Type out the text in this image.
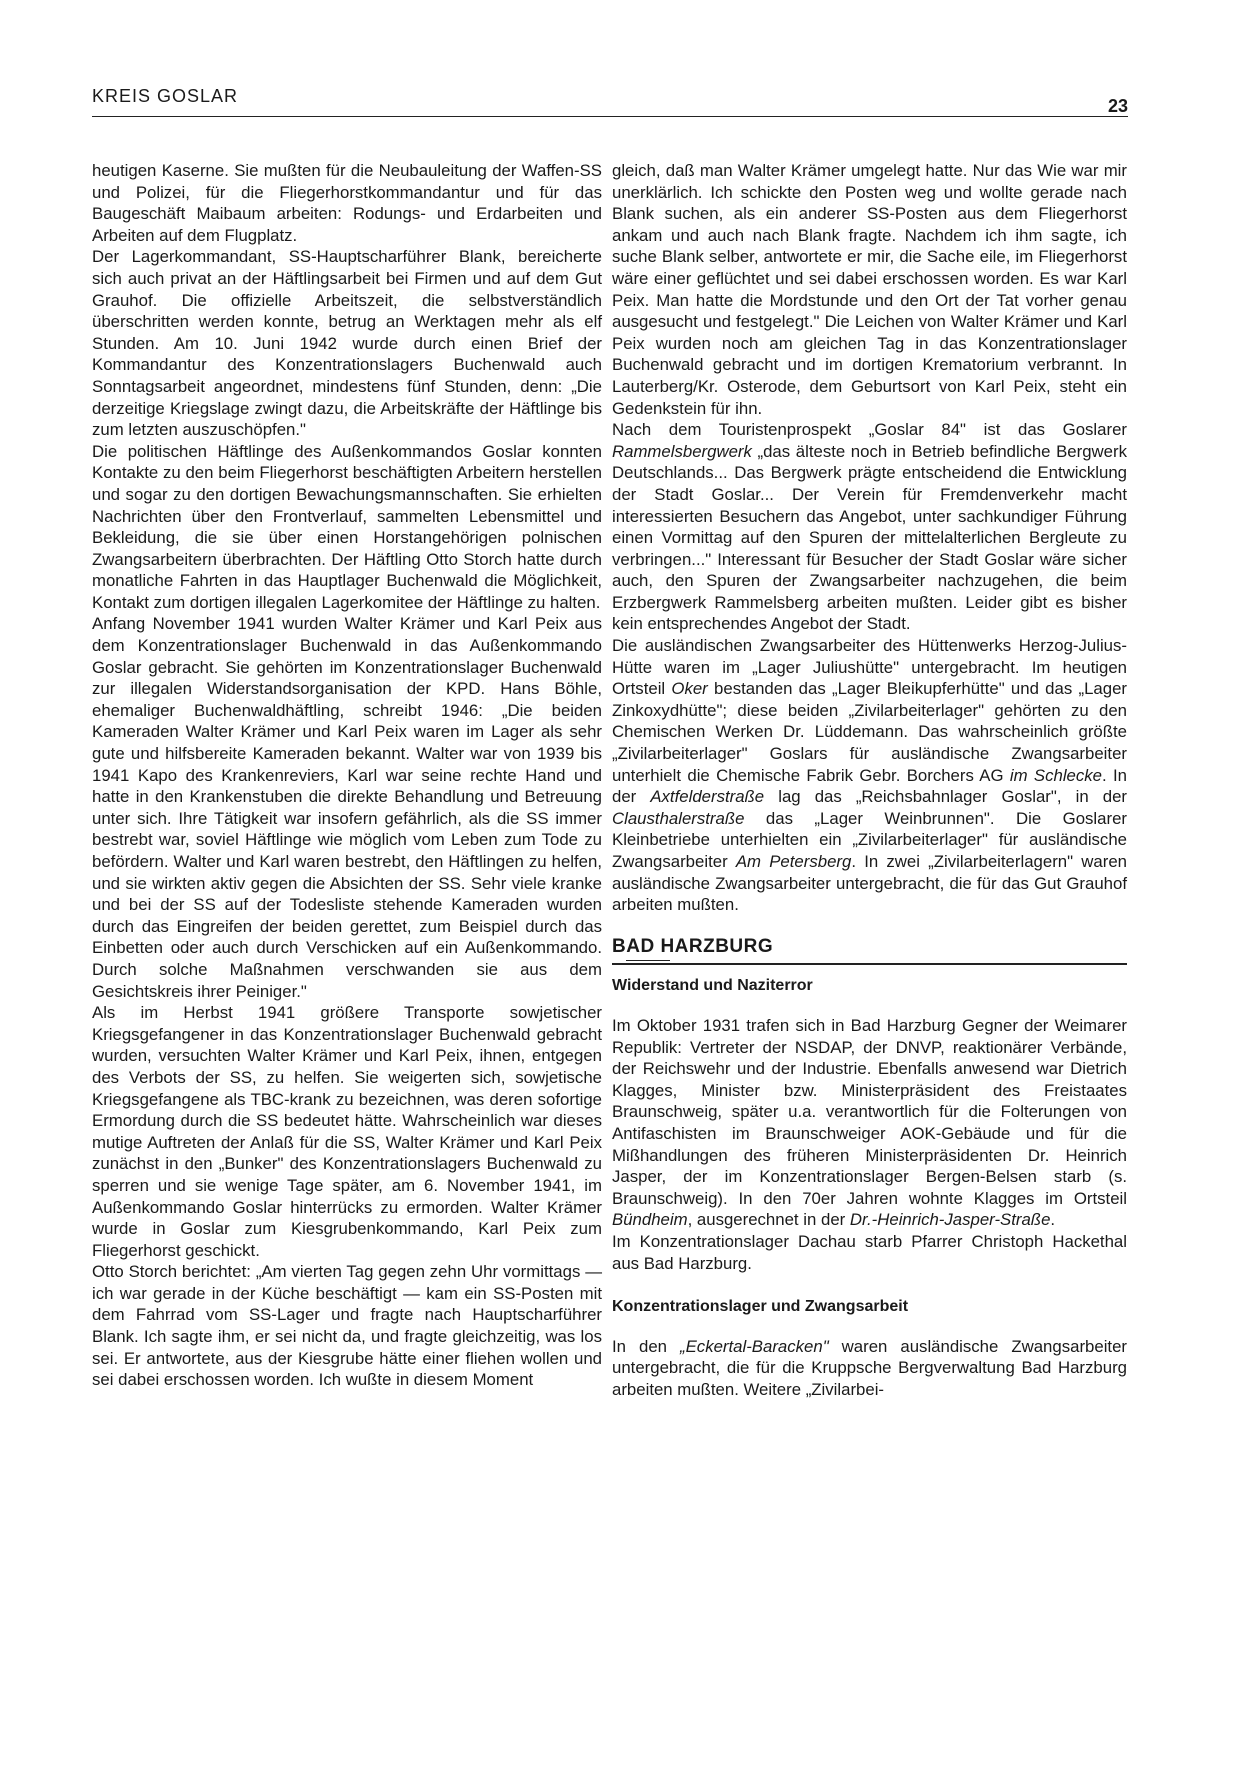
KREIS GOSLAR	23

heutigen Kaserne. Sie mußten für die Neubauleitung der Waffen-SS und Polizei, für die Fliegerhorstkommandantur und für das Baugeschäft Maibaum arbeiten: Rodungs- und Erdarbeiten und Arbeiten auf dem Flugplatz.

Der Lagerkommandant, SS-Hauptscharführer Blank, bereicherte sich auch privat an der Häftlingsarbeit bei Firmen und auf dem Gut Grauhof. Die offizielle Arbeitszeit, die selbstverständlich überschritten werden konnte, betrug an Werktagen mehr als elf Stunden. Am 10. Juni 1942 wurde durch einen Brief der Kommandantur des Konzentrationslagers Buchenwald auch Sonntagsarbeit angeordnet, mindestens fünf Stunden, denn: „Die derzeitige Kriegslage zwingt dazu, die Arbeitskräfte der Häftlinge bis zum letzten auszuschöpfen."

Die politischen Häftlinge des Außenkommandos Goslar konnten Kontakte zu den beim Fliegerhorst beschäftigten Arbeitern herstellen und sogar zu den dortigen Bewachungsmannschaften. Sie erhielten Nachrichten über den Frontverlauf, sammelten Lebensmittel und Bekleidung, die sie über einen Horstangehörigen polnischen Zwangsarbeitern überbrachten. Der Häftling Otto Storch hatte durch monatliche Fahrten in das Hauptlager Buchenwald die Möglichkeit, Kontakt zum dortigen illegalen Lagerkomitee der Häftlinge zu halten.

Anfang November 1941 wurden Walter Krämer und Karl Peix aus dem Konzentrationslager Buchenwald in das Außenkommando Goslar gebracht. Sie gehörten im Konzentrationslager Buchenwald zur illegalen Widerstandsorganisation der KPD. Hans Böhle, ehemaliger Buchenwaldhäftling, schreibt 1946: „Die beiden Kameraden Walter Krämer und Karl Peix waren im Lager als sehr gute und hilfsbereite Kameraden bekannt. Walter war von 1939 bis 1941 Kapo des Krankenreviers, Karl war seine rechte Hand und hatte in den Krankenstuben die direkte Behandlung und Betreuung unter sich. Ihre Tätigkeit war insofern gefährlich, als die SS immer bestrebt war, soviel Häftlinge wie möglich vom Leben zum Tode zu befördern. Walter und Karl waren bestrebt, den Häftlingen zu helfen, und sie wirkten aktiv gegen die Absichten der SS. Sehr viele kranke und bei der SS auf der Todesliste stehende Kameraden wurden durch das Eingreifen der beiden gerettet, zum Beispiel durch das Einbetten oder auch durch Verschicken auf ein Außenkommando. Durch solche Maßnahmen verschwanden sie aus dem Gesichtskreis ihrer Peiniger."

Als im Herbst 1941 größere Transporte sowjetischer Kriegsgefangener in das Konzentrationslager Buchenwald gebracht wurden, versuchten Walter Krämer und Karl Peix, ihnen, entgegen des Verbots der SS, zu helfen. Sie weigerten sich, sowjetische Kriegsgefangene als TBC-krank zu bezeichnen, was deren sofortige Ermordung durch die SS bedeutet hätte. Wahrscheinlich war dieses mutige Auftreten der Anlaß für die SS, Walter Krämer und Karl Peix zunächst in den „Bunker" des Konzentrationslagers Buchenwald zu sperren und sie wenige Tage später, am 6. November 1941, im Außenkommando Goslar hinterrücks zu ermorden. Walter Krämer wurde in Goslar zum Kiesgrubenkommando, Karl Peix zum Fliegerhorst geschickt.

Otto Storch berichtet: „Am vierten Tag gegen zehn Uhr vormittags — ich war gerade in der Küche beschäftigt — kam ein SS-Posten mit dem Fahrrad vom SS-Lager und fragte nach Hauptscharführer Blank. Ich sagte ihm, er sei nicht da, und fragte gleichzeitig, was los sei. Er antwortete, aus der Kiesgrube hätte einer fliehen wollen und sei dabei erschossen worden. Ich wußte in diesem Moment

gleich, daß man Walter Krämer umgelegt hatte. Nur das Wie war mir unerklärlich. Ich schickte den Posten weg und wollte gerade nach Blank suchen, als ein anderer SS-Posten aus dem Fliegerhorst ankam und auch nach Blank fragte. Nachdem ich ihm sagte, ich suche Blank selber, antwortete er mir, die Sache eile, im Fliegerhorst wäre einer geflüchtet und sei dabei erschossen worden. Es war Karl Peix. Man hatte die Mordstunde und den Ort der Tat vorher genau ausgesucht und festgelegt." Die Leichen von Walter Krämer und Karl Peix wurden noch am gleichen Tag in das Konzentrationslager Buchenwald gebracht und im dortigen Krematorium verbrannt. In Lauterberg/Kr. Osterode, dem Geburtsort von Karl Peix, steht ein Gedenkstein für ihn.

Nach dem Touristenprospekt „Goslar 84" ist das Goslarer Rammelsbergwerk „das älteste noch in Betrieb befindliche Bergwerk Deutschlands... Das Bergwerk prägte entscheidend die Entwicklung der Stadt Goslar... Der Verein für Fremdenverkehr macht interessierten Besuchern das Angebot, unter sachkundiger Führung einen Vormittag auf den Spuren der mittelalterlichen Bergleute zu verbringen..." Interessant für Besucher der Stadt Goslar wäre sicher auch, den Spuren der Zwangsarbeiter nachzugehen, die beim Erzbergwerk Rammelsberg arbeiten mußten. Leider gibt es bisher kein entsprechendes Angebot der Stadt.

Die ausländischen Zwangsarbeiter des Hüttenwerks Herzog-Julius-Hütte waren im „Lager Juliushütte" untergebracht. Im heutigen Ortsteil Oker bestanden das „Lager Bleikupferhütte" und das „Lager Zinkoxydhütte"; diese beiden „Zivilarbeiterlager" gehörten zu den Chemischen Werken Dr. Lüddemann. Das wahrscheinlich größte „Zivilarbeiterlager" Goslars für ausländische Zwangsarbeiter unterhielt die Chemische Fabrik Gebr. Borchers AG im Schlecke. In der Axtfelderstraße lag das „Reichsbahnlager Goslar", in der Clausthalerstraße das „Lager Weinbrunnen". Die Goslarer Kleinbetriebe unterhielten ein „Zivilarbeiterlager" für ausländische Zwangsarbeiter Am Petersberg. In zwei „Zivilarbeiterlagern" waren ausländische Zwangsarbeiter untergebracht, die für das Gut Grauhof arbeiten mußten.

BAD HARZBURG
Widerstand und Naziterror

Im Oktober 1931 trafen sich in Bad Harzburg Gegner der Weimarer Republik: Vertreter der NSDAP, der DNVP, reaktionärer Verbände, der Reichswehr und der Industrie. Ebenfalls anwesend war Dietrich Klagges, Minister bzw. Ministerpräsident des Freistaates Braunschweig, später u.a. verantwortlich für die Folterungen von Antifaschisten im Braunschweiger AOK-Gebäude und für die Mißhandlungen des früheren Ministerpräsidenten Dr. Heinrich Jasper, der im Konzentrationslager Bergen-Belsen starb (s. Braunschweig). In den 70er Jahren wohnte Klagges im Ortsteil Bündheim, ausgerechnet in der Dr.-Heinrich-Jasper-Straße.

Im Konzentrationslager Dachau starb Pfarrer Christoph Hackethal aus Bad Harzburg.

Konzentrationslager und Zwangsarbeit

In den „Eckertal-Baracken" waren ausländische Zwangsarbeiter untergebracht, die für die Kruppsche Bergverwaltung Bad Harzburg arbeiten mußten. Weitere „Zivilarbei-
